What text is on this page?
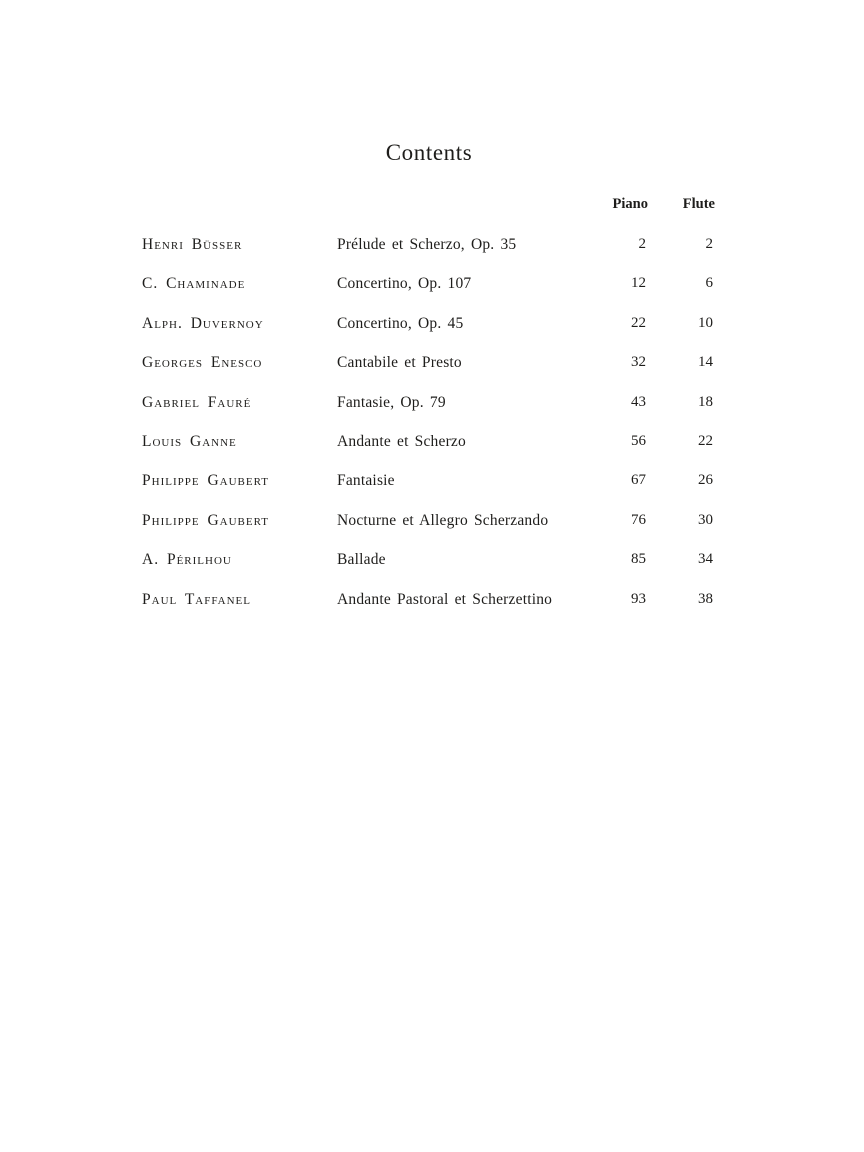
Contents
Piano	Flute
Henri Büsser	Prélude et Scherzo, Op. 35	2	2
C. Chaminade	Concertino, Op. 107	12	6
Alph. Duvernoy	Concertino, Op. 45	22	10
Georges Enesco	Cantabile et Presto	32	14
Gabriel Fauré	Fantasie, Op. 79	43	18
Louis Ganne	Andante et Scherzo	56	22
Philippe Gaubert	Fantaisie	67	26
Philippe Gaubert	Nocturne et Allegro Scherzando	76	30
A. Périlhou	Ballade	85	34
Paul Taffanel	Andante Pastoral et Scherzettino	93	38
